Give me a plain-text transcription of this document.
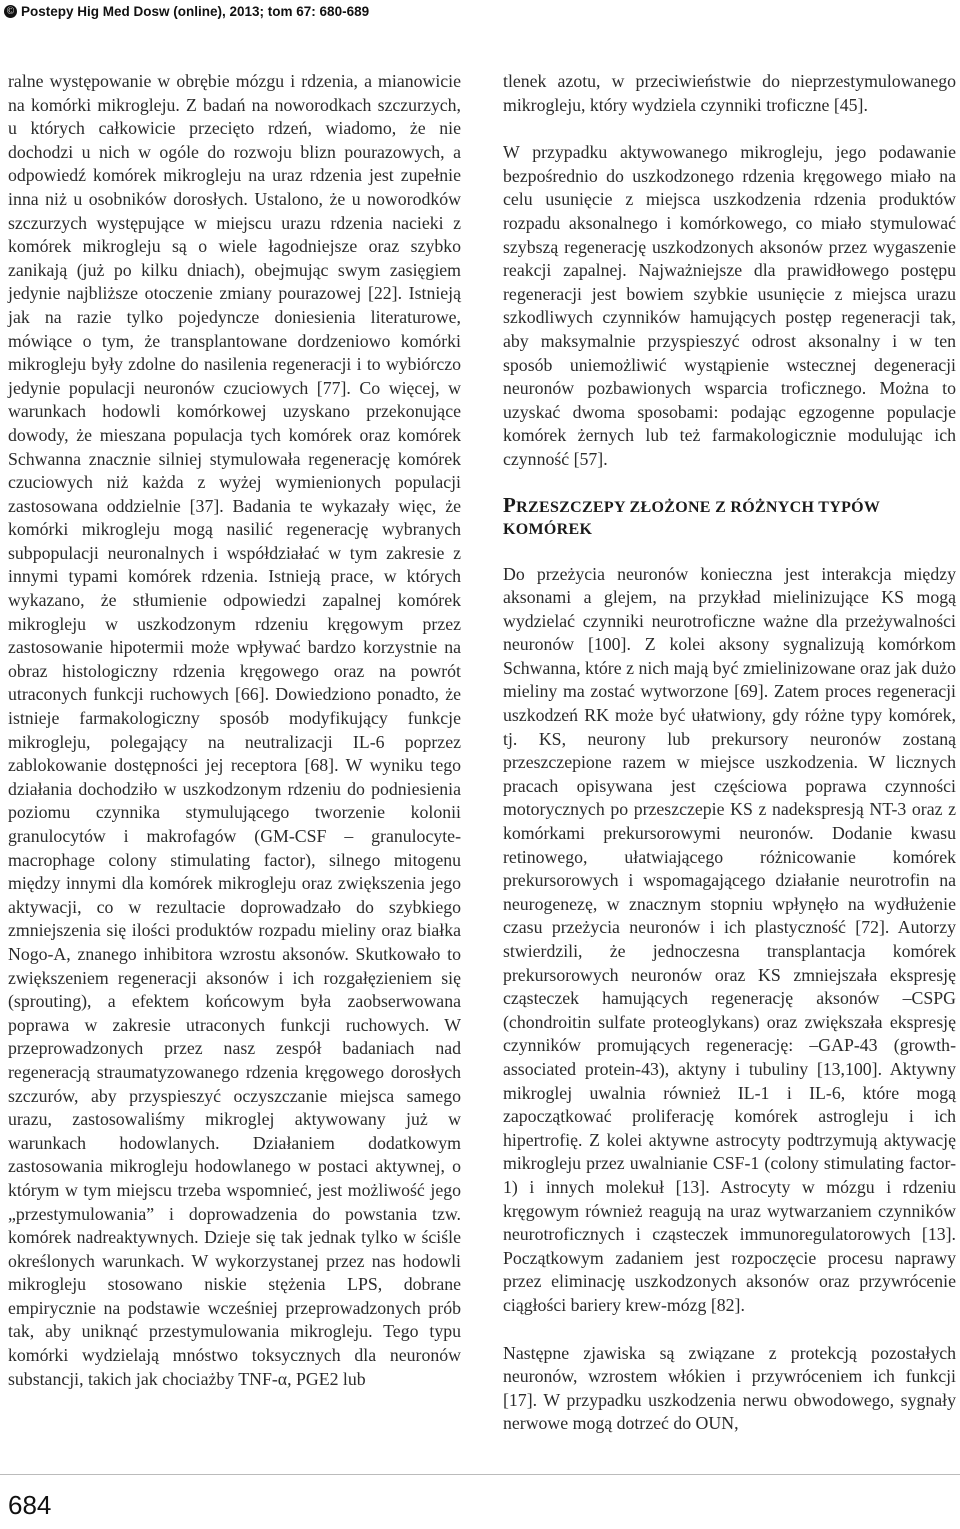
© Postepy Hig Med Dosw (online), 2013; tom 67: 680-689

ralne występowanie w obrębie mózgu i rdzenia, a mianowicie na komórki mikrogleju. Z badań na noworodkach szczurzych, u których całkowicie przecięto rdzeń, wiadomo, że nie dochodzi u nich w ogóle do rozwoju blizn pourazowych, a odpowiedź komórek mikrogleju na uraz rdzenia jest zupełnie inna niż u osobników dorosłych. Ustalono, że u noworodków szczurzych występujące w miejscu urazu rdzenia nacieki z komórek mikrogleju są o wiele łagodniejsze oraz szybko zanikają (już po kilku dniach), obejmując swym zasięgiem jedynie najbliższe otoczenie zmiany pourazowej [22]. Istnieją jak na razie tylko pojedyncze doniesienia literaturowe, mówiące o tym, że transplantowane dordzeniowo komórki mikrogleju były zdolne do nasilenia regeneracji i to wybiórczo jedynie populacji neuronów czuciowych [77]. Co więcej, w warunkach hodowli komórkowej uzyskano przekonujące dowody, że mieszana populacja tych komórek oraz komórek Schwanna znacznie silniej stymulowała regenerację komórek czuciowych niż każda z wyżej wymienionych populacji zastosowana oddzielnie [37]. Badania te wykazały więc, że komórki mikrogleju mogą nasilić regenerację wybranych subpopulacji neuronalnych i współdziałać w tym zakresie z innymi typami komórek rdzenia. Istnieją prace, w których wykazano, że stłumienie odpowiedzi zapalnej komórek mikrogleju w uszkodzonym rdzeniu kręgowym przez zastosowanie hipotermii może wpływać bardzo korzystnie na obraz histologiczny rdzenia kręgowego oraz na powrót utraconych funkcji ruchowych [66]. Dowiedziono ponadto, że istnieje farmakologiczny sposób modyfikujący funkcje mikrogleju, polegający na neutralizacji IL-6 poprzez zablokowanie dostępności jej receptora [68]. W wyniku tego działania dochodziło w uszkodzonym rdzeniu do podniesienia poziomu czynnika stymulującego tworzenie kolonii granulocytów i makrofagów (GM-CSF – granulocyte-macrophage colony stimulating factor), silnego mitogenu między innymi dla komórek mikrogleju oraz zwiększenia jego aktywacji, co w rezultacie doprowadzało do szybkiego zmniejszenia się ilości produktów rozpadu mieliny oraz białka Nogo-A, znanego inhibitora wzrostu aksonów. Skutkowało to zwiększeniem regeneracji aksonów i ich rozgałęzieniem się (sprouting), a efektem końcowym była zaobserwowana poprawa w zakresie utraconych funkcji ruchowych. W przeprowadzonych przez nasz zespół badaniach nad regeneracją straumatyzowanego rdzenia kręgowego dorosłych szczurów, aby przyspieszyć oczyszczanie miejsca samego urazu, zastosowaliśmy mikroglej aktywowany już w warunkach hodowlanych. Działaniem dodatkowym zastosowania mikrogleju hodowlanego w postaci aktywnej, o którym w tym miejscu trzeba wspomnieć, jest możliwość jego „przestymulowania” i doprowadzenia do powstania tzw. komórek nadreaktywnych. Dzieje się tak jednak tylko w ściśle określonych warunkach. W wykorzystanej przez nas hodowli mikrogleju stosowano niskie stężenia LPS, dobrane empirycznie na podstawie wcześniej przeprowadzonych prób tak, aby uniknąć przestymulowania mikrogleju. Tego typu komórki wydzielają mnóstwo toksycznych dla neuronów substancji, takich jak chociażby TNF-α, PGE2 lub

tlenek azotu, w przeciwieństwie do nieprzestymulowanego mikrogleju, który wydziela czynniki troficzne [45].

W przypadku aktywowanego mikrogleju, jego podawanie bezpośrednio do uszkodzonego rdzenia kręgowego miało na celu usunięcie z miejsca uszkodzenia rdzenia produktów rozpadu aksonalnego i komórkowego, co miało stymulować szybszą regenerację uszkodzonych aksonów przez wygaszenie reakcji zapalnej. Najważniejsze dla prawidłowego postępu regeneracji jest bowiem szybkie usunięcie z miejsca urazu szkodliwych czynników hamujących postęp regeneracji tak, aby maksymalnie przyspieszyć odrost aksonalny i w ten sposób uniemożliwić wystąpienie wstecznej degeneracji neuronów pozbawionych wsparcia troficznego. Można to uzyskać dwoma sposobami: podając egzogenne populacje komórek żernych lub też farmakologicznie modulując ich czynność [57].

PRZESZCZEPY ZŁOŻONE Z RÓŻNYCH TYPÓW KOMÓREK

Do przeżycia neuronów konieczna jest interakcja między aksonami a glejem, na przykład mielinizujące KS mogą wydzielać czynniki neurotroficzne ważne dla przeżywalności neuronów [100]. Z kolei aksony sygnalizują komórkom Schwanna, które z nich mają być zmielinizowane oraz jak dużo mieliny ma zostać wytworzone [69]. Zatem proces regeneracji uszkodzeń RK może być ułatwiony, gdy różne typy komórek, tj. KS, neurony lub prekursory neuronów zostaną przeszczepione razem w miejsce uszkodzenia. W licznych pracach opisywana jest częściowa poprawa czynności motorycznych po przeszczepie KS z nadekspresją NT-3 oraz z komórkami prekursorowymi neuronów. Dodanie kwasu retinowego, ułatwiającego różnicowanie komórek prekursorowych i wspomagającego działanie neurotrofin na neurogenezę, w znacznym stopniu wpłynęło na wydłużenie czasu przeżycia neuronów i ich plastyczność [72]. Autorzy stwierdzili, że jednoczesna transplantacja komórek prekursorowych neuronów oraz KS zmniejszała ekspresję cząsteczek hamujących regenerację aksonów –CSPG (chondroitin sulfate proteoglykans) oraz zwiększała ekspresję czynników promujących regenerację: –GAP-43 (growth-associated protein-43), aktyny i tubuliny [13,100]. Aktywny mikroglej uwalnia również IL-1 i IL-6, które mogą zapoczątkować proliferację komórek astrogleju i ich hipertrofię. Z kolei aktywne astrocyty podtrzymują aktywację mikrogleju przez uwalnianie CSF-1 (colony stimulating factor-1) i innych molekuł [13]. Astrocyty w mózgu i rdzeniu kręgowym również reagują na uraz wytwarzaniem czynników neurotroficznych i cząsteczek immunoregulatorowych [13]. Początkowym zadaniem jest rozpoczęcie procesu naprawy przez eliminację uszkodzonych aksonów oraz przywrócenie ciągłości bariery krew-mózg [82].

Następne zjawiska są związane z protekcją pozostałych neuronów, wzrostem włókien i przywróceniem ich funkcji [17]. W przypadku uszkodzenia nerwu obwodowego, sygnały nerwowe mogą dotrzeć do OUN,

684
